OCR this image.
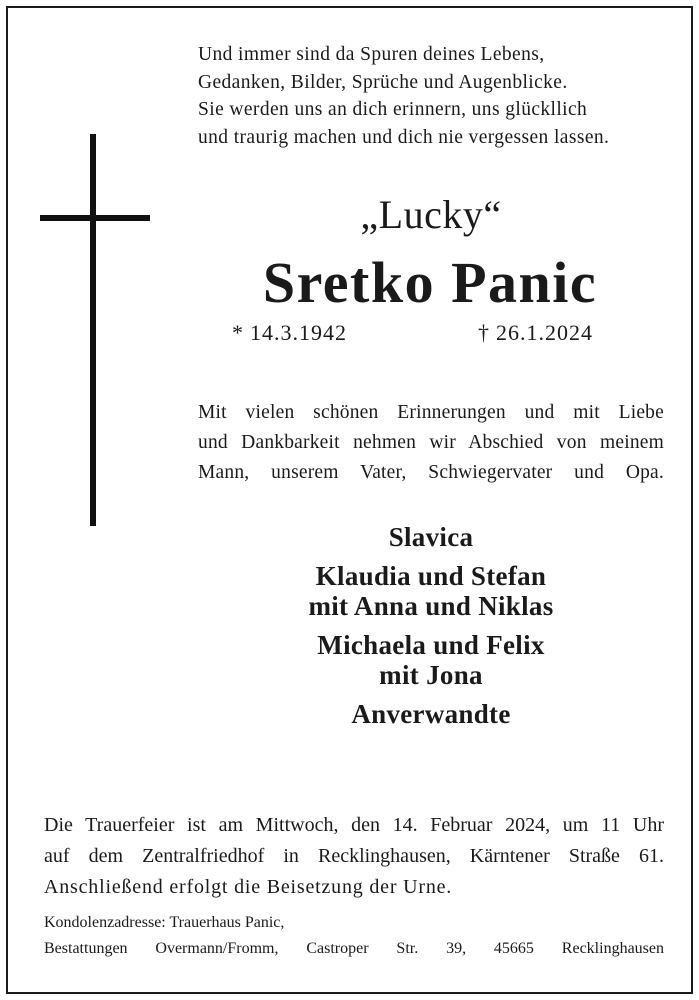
Und immer sind da Spuren deines Lebens,

Gedanken, Bilder, Sprüche und Augenblicke.

Sie werden uns an dich erinnern, uns glückllich

und traurig machen und dich nie vergessen lassen.

„Lucky“
Sretko Panic
* 14.3.1942	† 26.1.2024

Mit vielen schönen Erinnerungen und mit Liebe

und Dankbarkeit nehmen wir Abschied von meinem

Mann, unserem Vater, Schwiegervater und Opa.

Slavica
Klaudia und Stefan
mit Anna und Niklas
Michaela und Felix
mit Jona
Anverwandte

Die Trauerfeier ist am Mittwoch, den 14. Februar 2024, um 11 Uhr

auf dem Zentralfriedhof in Recklinghausen, Kärntener Straße 61.

Anschließend erfolgt die Beisetzung der Urne.

Kondolenzadresse: Trauerhaus Panic,

Bestattungen Overmann/Fromm, Castroper Str. 39, 45665 Recklinghausen
